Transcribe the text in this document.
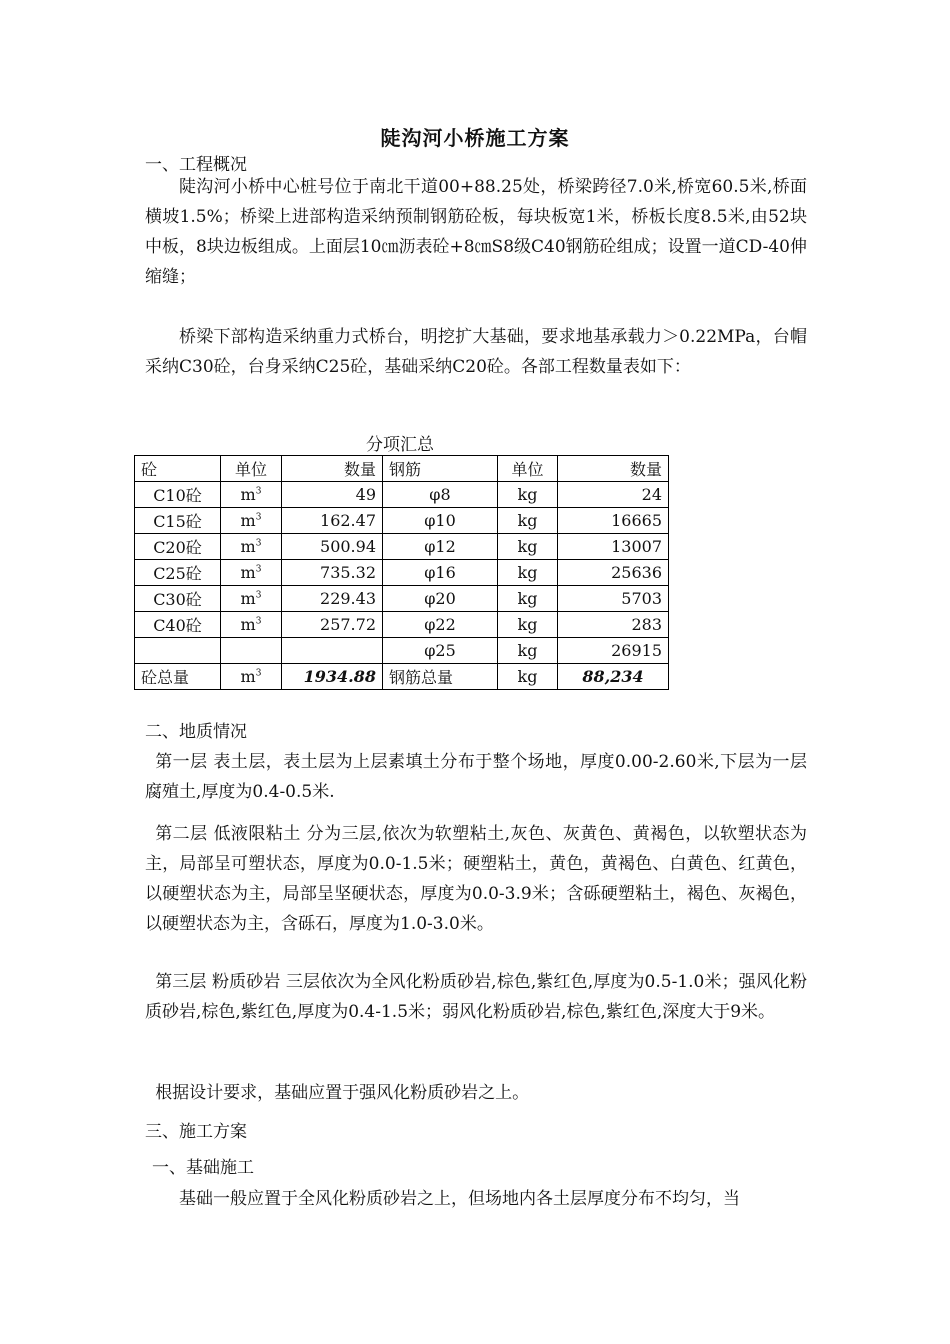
陡沟河小桥施工方案
一、工程概况

陡沟河小桥中心桩号位于南北干道00+88.25处，桥梁跨径7.0米,桥宽60.5米,桥面横坡1.5%；桥梁上进部构造采纳预制钢筋砼板，每块板宽1米，桥板长度8.5米,由52块中板，8块边板组成。上面层10㎝沥表砼+8㎝S8级C40钢筋砼组成；设置一道CD-40伸缩缝；

桥梁下部构造采纳重力式桥台，明挖扩大基础，要求地基承载力＞0.22MPa，台帽采纳C30砼，台身采纳C25砼，基础采纳C20砼。各部工程数量表如下：

分项汇总
砼	单位	数量	钢筋	单位	数量
C10砼	$m^3$	49	φ8	kg	24
C15砼	$m^3$	162.47	φ10	kg	16665
C20砼	$m^3$	500.94	φ12	kg	13007
C25砼	$m^3$	735.32	φ16	kg	25636
C30砼	$m^3$	229.43	φ20	kg	5703
C40砼	$m^3$	257.72	φ22	kg	283
			φ25	kg	26915
砼总量	$m^3$	1934.88	钢筋总量	kg	88,234
二、地质情况

第一层 表土层，表土层为上层素填土分布于整个场地，厚度0.00-2.60米,下层为一层腐殖土,厚度为0.4-0.5米.

第二层 低液限粘土 分为三层,依次为软塑粘土,灰色、灰黄色、黄褐色，以软塑状态为主，局部呈可塑状态，厚度为0.0-1.5米；硬塑粘土，黄色，黄褐色、白黄色、红黄色，以硬塑状态为主，局部呈坚硬状态，厚度为0.0-3.9米；含砾硬塑粘土，褐色、灰褐色，以硬塑状态为主，含砾石，厚度为1.0-3.0米。

第三层 粉质砂岩 三层依次为全风化粉质砂岩,棕色,紫红色,厚度为0.5-1.0米；强风化粉质砂岩,棕色,紫红色,厚度为0.4-1.5米；弱风化粉质砂岩,棕色,紫红色,深度大于9米。

根据设计要求，基础应置于强风化粉质砂岩之上。

三、施工方案
一、基础施工

基础一般应置于全风化粉质砂岩之上，但场地内各土层厚度分布不均匀，当
